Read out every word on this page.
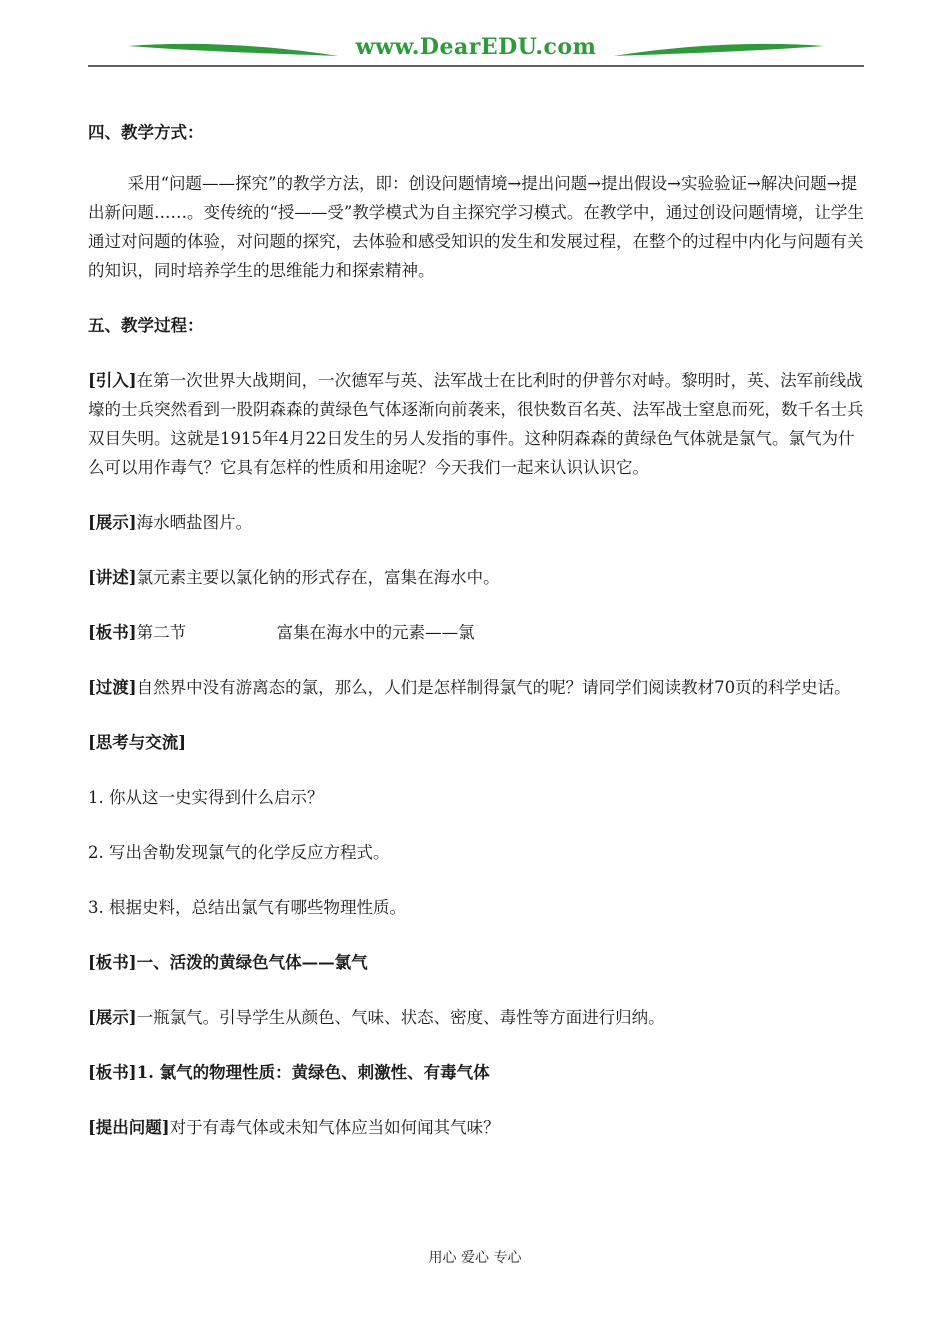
www.DearEDU.com

四、教学方式：

采用“问题——探究”的教学方法，即：创设问题情境→提出问题→提出假设→实验验证→解决问题→提出新问题……。变传统的“授——受”教学模式为自主探究学习模式。在教学中，通过创设问题情境，让学生通过对问题的体验，对问题的探究，去体验和感受知识的发生和发展过程，在整个的过程中内化与问题有关的知识，同时培养学生的思维能力和探索精神。

五、教学过程：

[引入]在第一次世界大战期间，一次德军与英、法军战士在比利时的伊普尔对峙。黎明时，英、法军前线战壕的士兵突然看到一股阴森森的黄绿色气体逐渐向前袭来，很快数百名英、法军战士窒息而死，数千名士兵双目失明。这就是1915年4月22日发生的另人发指的事件。这种阴森森的黄绿色气体就是氯气。氯气为什么可以用作毒气？它具有怎样的性质和用途呢？今天我们一起来认识认识它。

[展示]海水晒盐图片。

[讲述]氯元素主要以氯化钠的形式存在，富集在海水中。

[板书]第二节	富集在海水中的元素——氯

[过渡]自然界中没有游离态的氯，那么，人们是怎样制得氯气的呢？请同学们阅读教材70页的科学史话。

[思考与交流]

1. 你从这一史实得到什么启示？

2. 写出舍勒发现氯气的化学反应方程式。

3. 根据史料，总结出氯气有哪些物理性质。

[板书]一、活泼的黄绿色气体——氯气

[展示]一瓶氯气。引导学生从颜色、气味、状态、密度、毒性等方面进行归纳。

[板书]1. 氯气的物理性质：黄绿色、刺激性、有毒气体

[提出问题]对于有毒气体或未知气体应当如何闻其气味？

用心 爱心 专心
